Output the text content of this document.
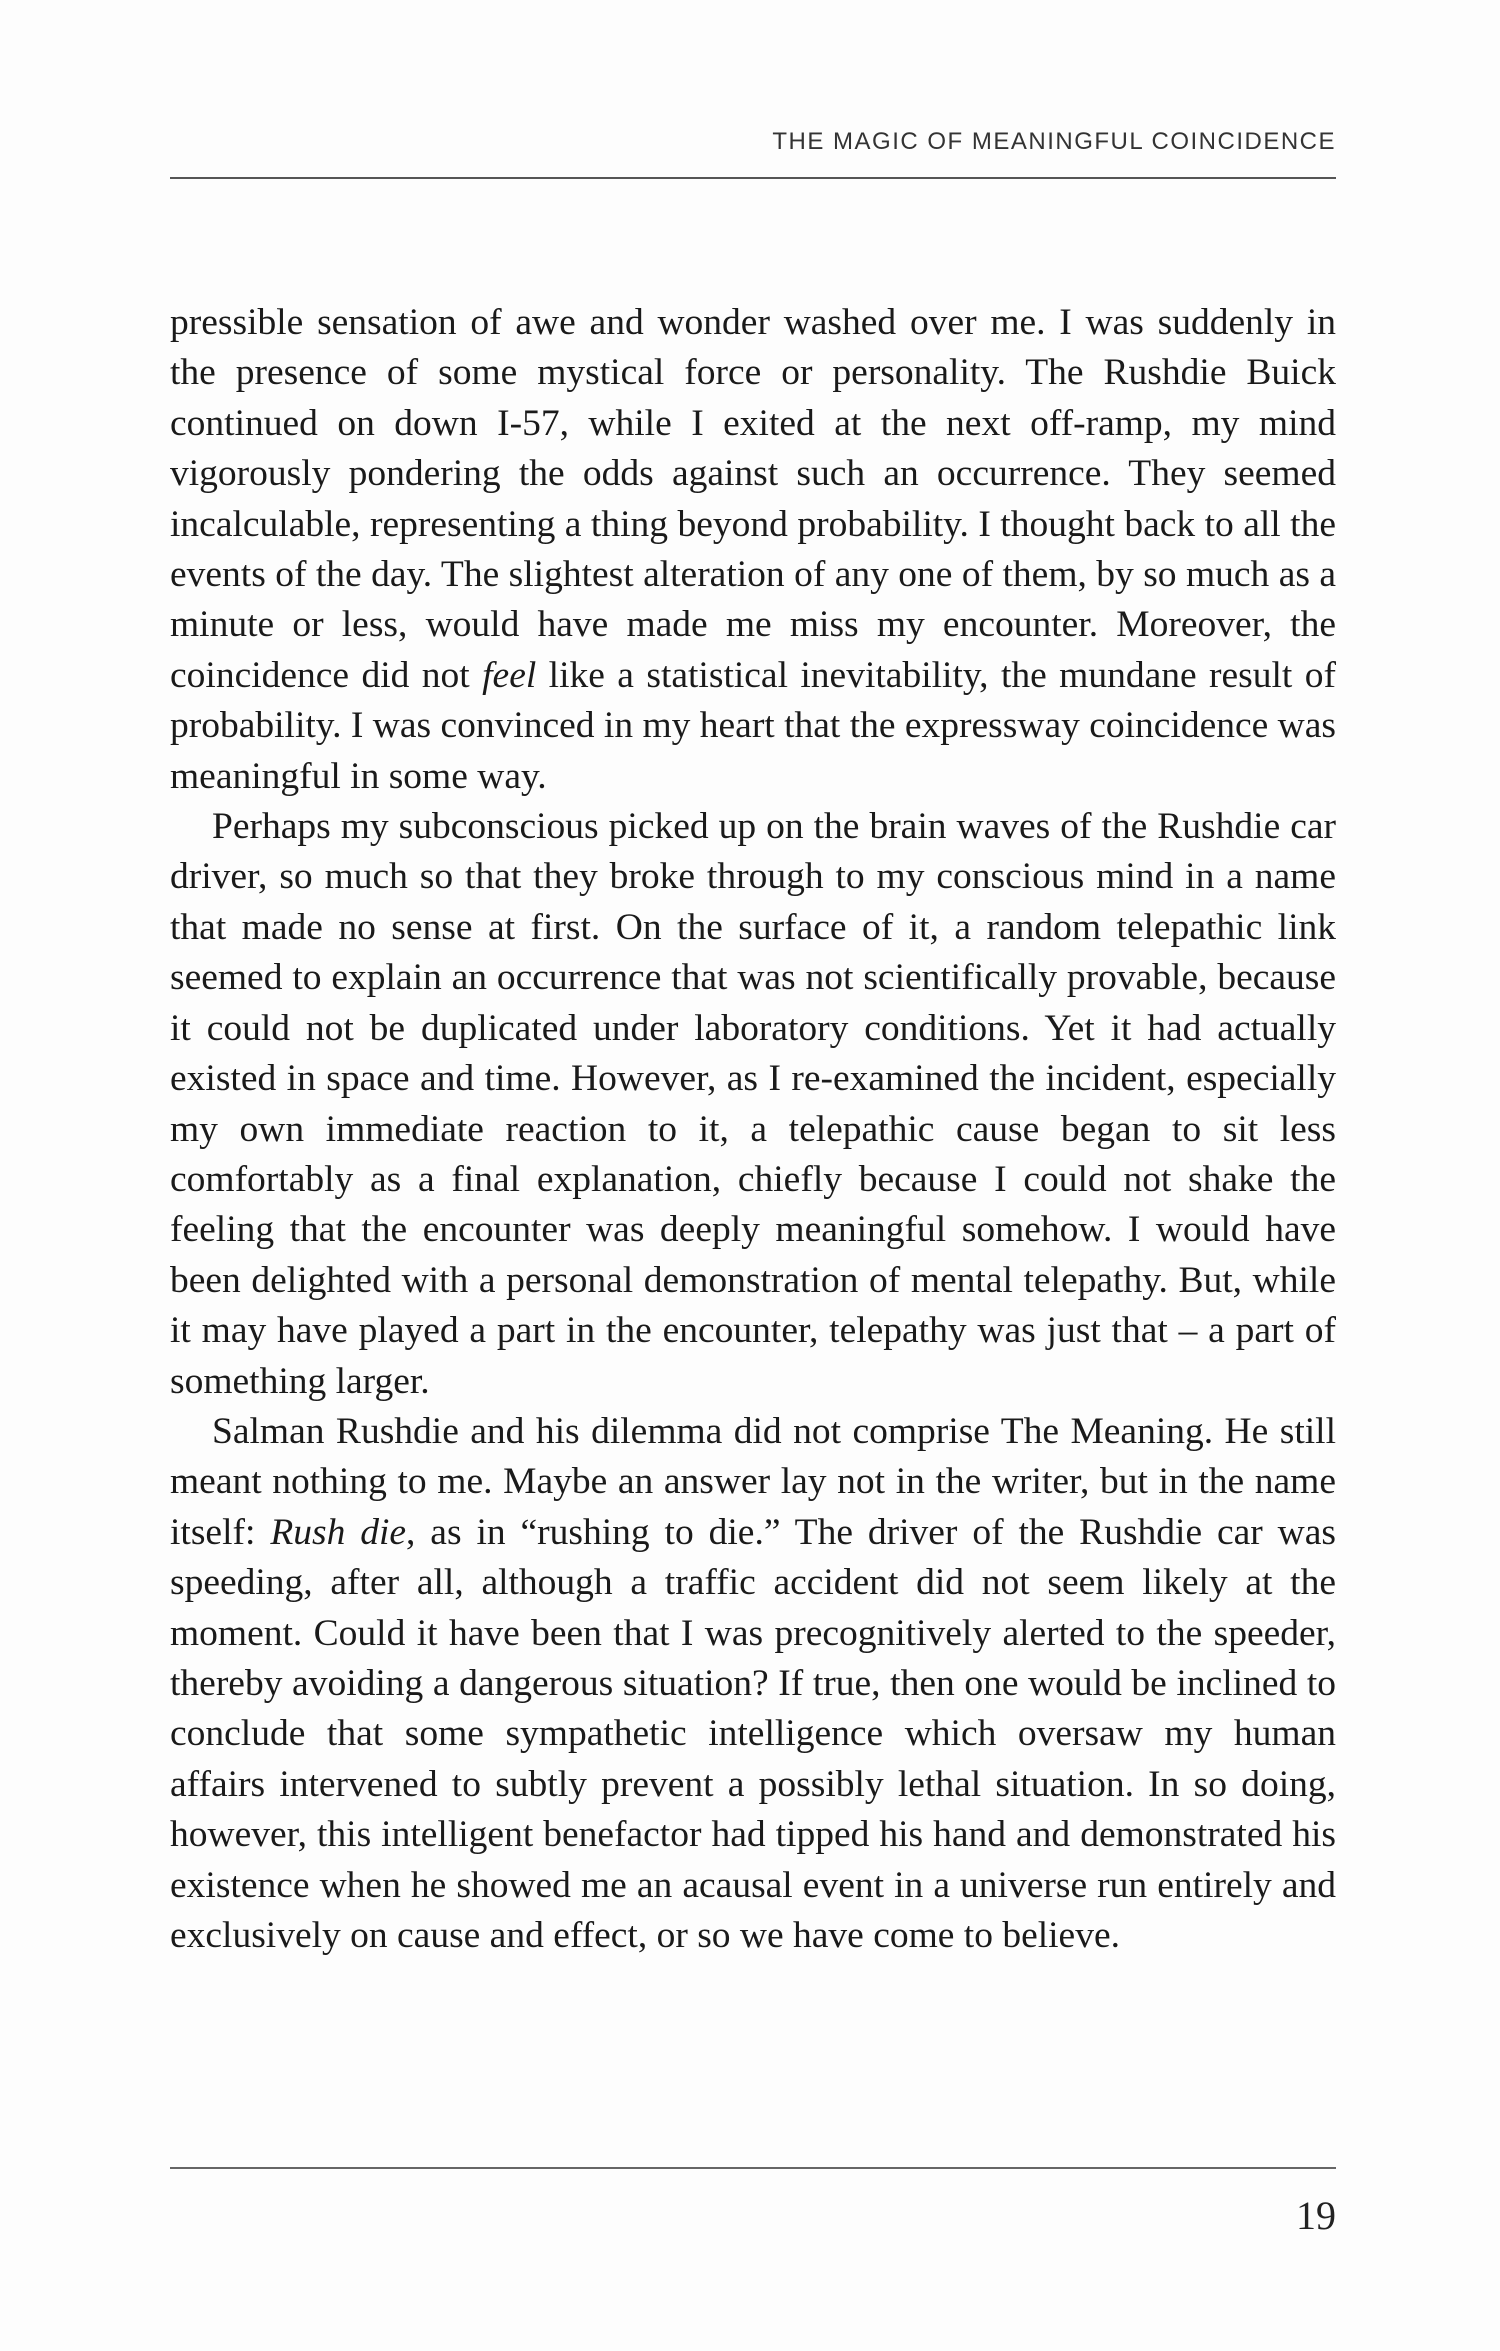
THE MAGIC OF MEANINGFUL COINCIDENCE

pressible sensation of awe and wonder washed over me. I was suddenly in the presence of some mystical force or personality. The Rushdie Buick continued on down I-57, while I exited at the next off-ramp, my mind vigorously pondering the odds against such an occurrence. They seemed incalculable, representing a thing beyond probability. I thought back to all the events of the day. The slightest alteration of any one of them, by so much as a minute or less, would have made me miss my encounter. Moreover, the coincidence did not feel like a statistical inevitability, the mundane result of probability. I was convinced in my heart that the expressway coincidence was meaningful in some way.

Perhaps my subconscious picked up on the brain waves of the Rushdie car driver, so much so that they broke through to my conscious mind in a name that made no sense at first. On the surface of it, a random telepathic link seemed to explain an occurrence that was not scientifically provable, because it could not be duplicated under laboratory conditions. Yet it had actually existed in space and time. However, as I re-examined the incident, especially my own immediate reaction to it, a telepathic cause began to sit less comfortably as a final explanation, chiefly because I could not shake the feeling that the encounter was deeply meaningful somehow. I would have been delighted with a personal demonstration of mental telepathy. But, while it may have played a part in the encounter, telepathy was just that – a part of something larger.

Salman Rushdie and his dilemma did not comprise The Meaning. He still meant nothing to me. Maybe an answer lay not in the writer, but in the name itself: Rush die, as in “rushing to die.” The driver of the Rushdie car was speeding, after all, although a traffic accident did not seem likely at the moment. Could it have been that I was precognitively alerted to the speeder, thereby avoiding a dangerous situation? If true, then one would be inclined to conclude that some sympathetic intelligence which oversaw my human affairs intervened to subtly prevent a possibly lethal situation. In so doing, however, this intelligent benefactor had tipped his hand and demonstrated his existence when he showed me an acausal event in a universe run entirely and exclusively on cause and effect, or so we have come to believe.

19
